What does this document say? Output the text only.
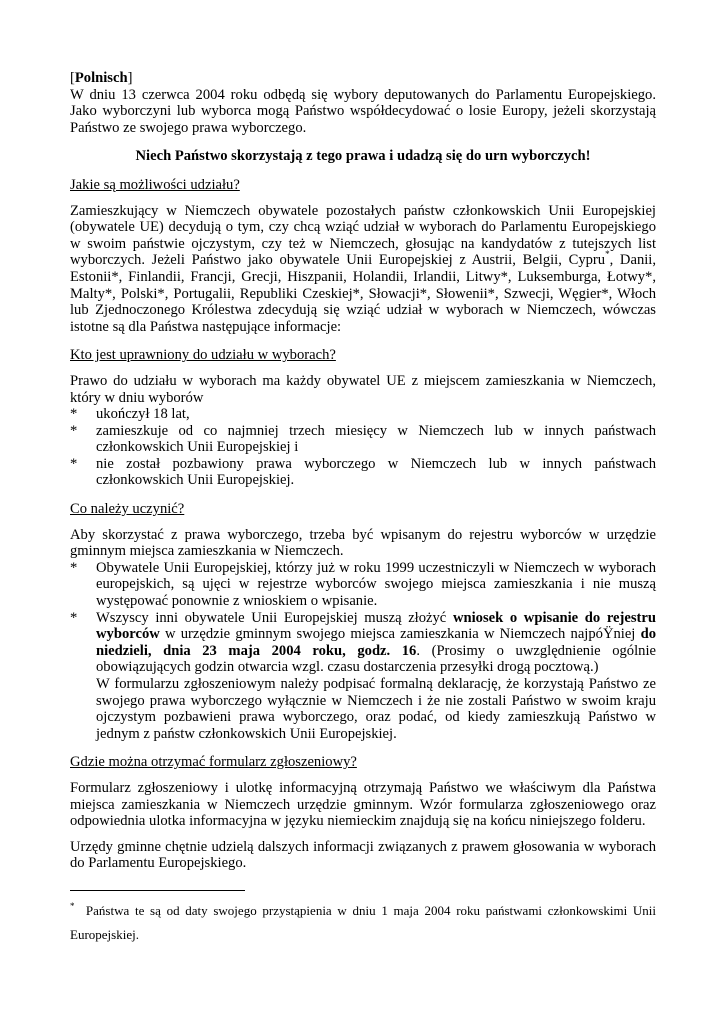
[Polnisch]

W dniu 13 czerwca 2004 roku odbędą się wybory deputowanych do Parlamentu Europejskiego. Jako wyborczyni lub wyborca mogą Państwo współdecydować o losie Europy, jeżeli skorzystają Państwo ze swojego prawa wyborczego.

Niech Państwo skorzystają z tego prawa i udadzą się do urn wyborczych!

Jakie są możliwości udziału?

Zamieszkujący w Niemczech obywatele pozostałych państw członkowskich Unii Europejskiej (obywatele UE) decydują o tym, czy chcą wziąć udział w wyborach do Parlamentu Europejskiego w swoim państwie ojczystym, czy też w Niemczech, głosując na kandydatów z tutejszych list wyborczych. Jeżeli Państwo jako obywatele Unii Europejskiej z Austrii, Belgii, Cypru*, Danii, Estonii*, Finlandii, Francji, Grecji, Hiszpanii, Holandii, Irlandii, Litwy*, Luksemburga, Łotwy*, Malty*, Polski*, Portugalii, Republiki Czeskiej*, Słowacji*, Słowenii*, Szwecji, Węgier*, Włoch lub Zjednoczonego Królestwa zdecydują się wziąć udział w wyborach w Niemczech, wówczas istotne są dla Państwa następujące informacje:

Kto jest uprawniony do udziału w wyborach?

Prawo do udziału w wyborach ma każdy obywatel UE z miejscem zamieszkania w Niemczech, który w dniu wyborów

* ukończył 18 lat,
* zamieszkuje od co najmniej trzech miesięcy w Niemczech lub w innych państwach członkowskich Unii Europejskiej i
* nie został pozbawiony prawa wyborczego w Niemczech lub w innych państwach członkowskich Unii Europejskiej.

Co należy uczynić?

Aby skorzystać z prawa wyborczego, trzeba być wpisanym do rejestru wyborców w urzędzie gminnym miejsca zamieszkania w Niemczech.

* Obywatele Unii Europejskiej, którzy już w roku 1999 uczestniczyli w Niemczech w wyborach europejskich, są ujęci w rejestrze wyborców swojego miejsca zamieszkania i nie muszą występować ponownie z wnioskiem o wpisanie.
* Wszyscy inni obywatele Unii Europejskiej muszą złożyć wniosek o wpisanie do rejestru wyborców w urzędzie gminnym swojego miejsca zamieszkania w Niemczech najpóŸniej do niedzieli, dnia 23 maja 2004 roku, godz. 16. (Prosimy o uwzględnienie ogólnie obowiązujących godzin otwarcia wzgl. czasu dostarczenia przesyłki drogą pocztową.)

W formularzu zgłoszeniowym należy podpisać formalną deklarację, że korzystają Państwo ze swojego prawa wyborczego wyłącznie w Niemczech i że nie zostali Państwo w swoim kraju ojczystym pozbawieni prawa wyborczego, oraz podać, od kiedy zamieszkują Państwo w jednym z państw członkowskich Unii Europejskiej.

Gdzie można otrzymać formularz zgłoszeniowy?

Formularz zgłoszeniowy i ulotkę informacyjną otrzymają Państwo we właściwym dla Państwa miejsca zamieszkania w Niemczech urzędzie gminnym. Wzór formularza zgłoszeniowego oraz odpowiednia ulotka informacyjna w języku niemieckim znajdują się na końcu niniejszego folderu.

Urzędy gminne chętnie udzielą dalszych informacji związanych z prawem głosowania w wyborach do Parlamentu Europejskiego.

* Państwa te są od daty swojego przystąpienia w dniu 1 maja 2004 roku państwami członkowskimi Unii Europejskiej.
